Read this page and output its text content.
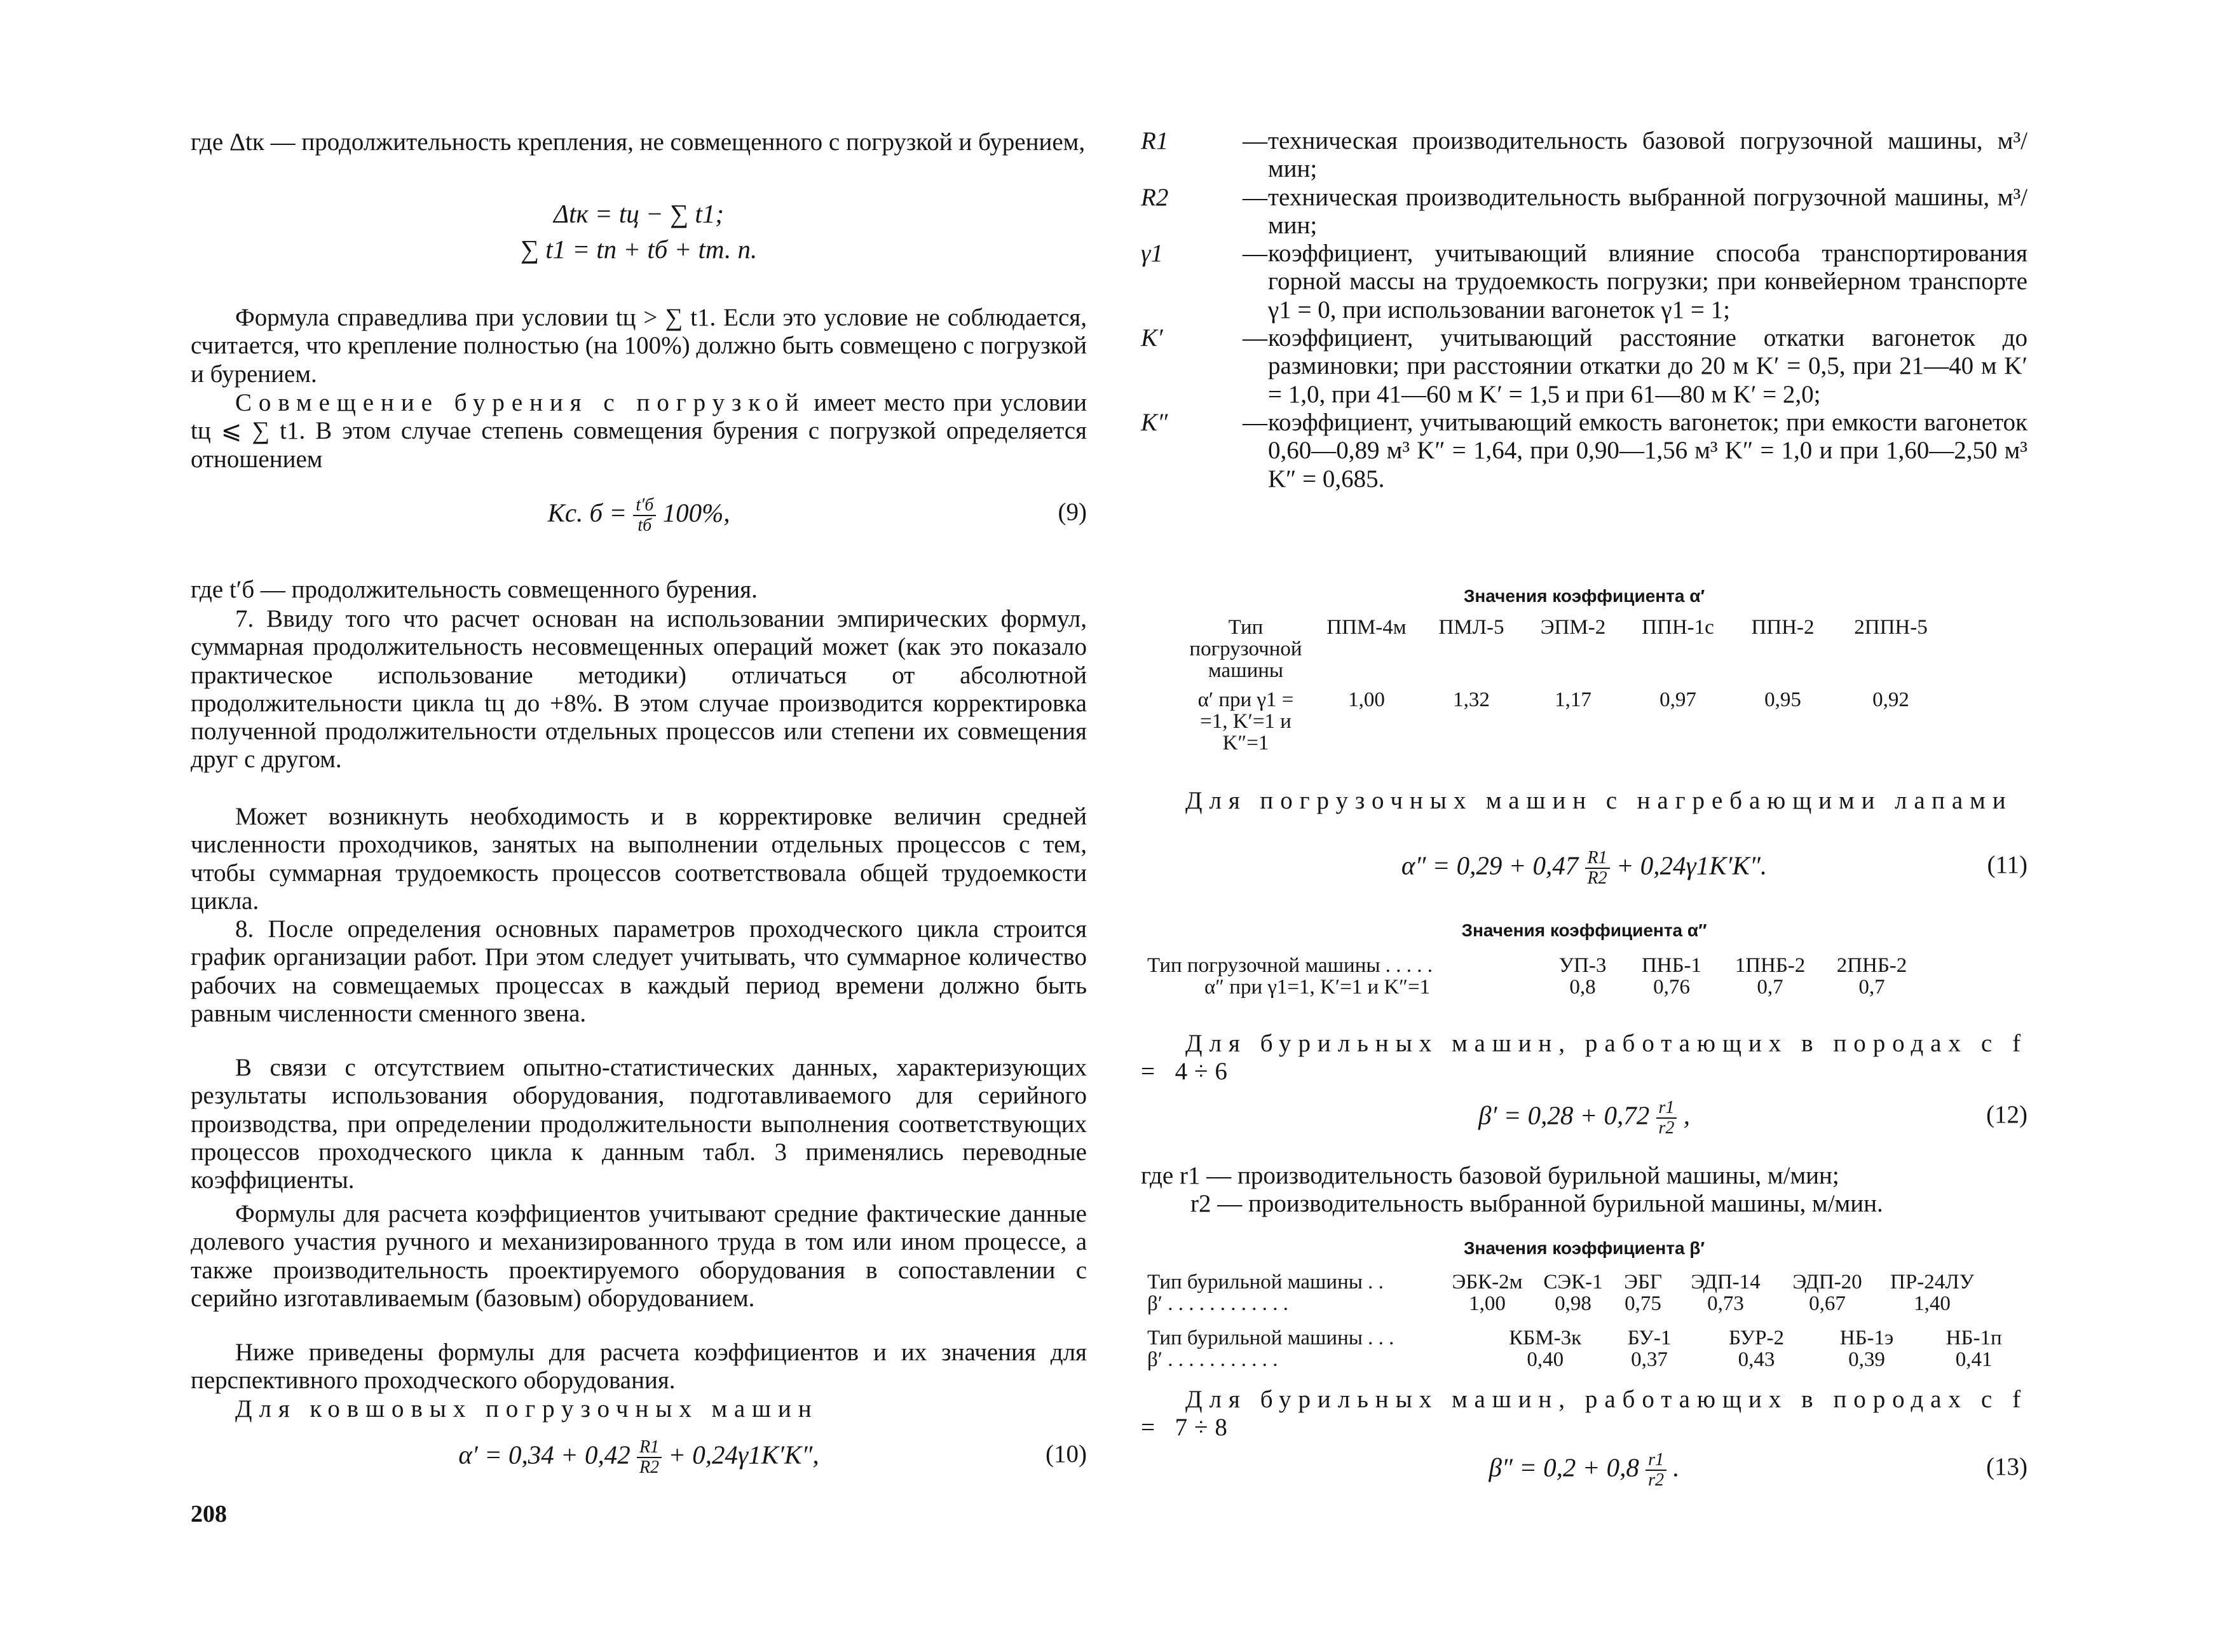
где Δtк — продолжительность крепления, не совмещенного с погрузкой и бурением,

Δtк = tц − ∑ t1;

∑ t1 = tп + tб + tт. п.

Формула справедлива при условии tц > ∑ t1. Если это условие не соблюдается, считается, что крепление полностью (на 100%) должно быть совмещено с погрузкой и бурением.

Совмещение бурения с погрузкой имеет место при условии tц ⩽ ∑ t1. В этом случае степень совмещения бурения с погрузкой определяется отношением

Kс. $б = \frac{t'б}{tб} 100\%$,	(9)

где t′б — продолжительность совмещенного бурения.

7. Ввиду того что расчет основан на использовании эмпирических формул, суммарная продолжительность несовмещенных операций может (как это показало практическое использование методики) отличаться от абсолютной продолжительности цикла tц до +8%. В этом случае производится корректировка полученной продолжительности отдельных процессов или степени их совмещения друг с другом.

Может возникнуть необходимость и в корректировке величин средней численности проходчиков, занятых на выполнении отдельных процессов с тем, чтобы суммарная трудоемкость процессов соответствовала общей трудоемкости цикла.

8. После определения основных параметров проходческого цикла строится график организации работ. При этом следует учитывать, что суммарное количество рабочих на совмещаемых процессах в каждый период времени должно быть равным численности сменного звена.

В связи с отсутствием опытно-статистических данных, характеризующих результаты использования оборудования, подготавливаемого для серийного производства, при определении продолжительности выполнения соответствующих процессов проходческого цикла к данным табл. 3 применялись переводные коэффициенты.

Формулы для расчета коэффициентов учитывают средние фактические данные долевого участия ручного и механизированного труда в том или ином процессе, а также производительность проектируемого оборудования в сопоставлении с серийно изготавливаемым (базовым) оборудованием.

Ниже приведены формулы для расчета коэффициентов и их значения для перспективного проходческого оборудования.

Для ковшовых погрузочных машин

$\alpha' = 0,34 + 0,42 \frac{R1}{R2} + 0,24\gamma 1K'K''$,	(10)
208

R1	— техническая производительность базовой погрузочной машины, м³/мин;

R2	— техническая производительность выбранной погрузочной машины, м³/мин;

γ1	— коэффициент, учитывающий влияние способа транспортирования горной массы на трудоемкость погрузки; при конвейерном транспорте γ1 = 0, при использовании вагонеток γ1 = 1;

K′	— коэффициент, учитывающий расстояние откатки вагонеток до разминовки; при расстоянии откатки до 20 м K′ = 0,5, при 21—40 м K′ = 1,0, при 41—60 м K′ = 1,5 и при 61—80 м K′ = 2,0;

K″	— коэффициент, учитывающий емкость вагонеток; при емкости вагонеток 0,60—0,89 м³ K″ = 1,64, при 0,90—1,56 м³ K″ = 1,0 и при 1,60—2,50 м³ K″ = 0,685.

Значения коэффициента α′

Тип погрузочной машины	ППМ-4м	ПМЛ-5	ЭПМ-2	ППН-1с	ППН-2	2ППН-5
α′ при γ1 = =1, K′=1 и K″=1	1,00	1,32	1,17	0,97	0,95	0,92

Для погрузочных машин с нагребающими лапами

$\alpha'' = 0,29 + 0,47 \frac{R1}{R2} + 0,24\gamma 1K'K''$.	(11)

Значения коэффициента α″

Тип погрузочной машины . . . . .	УП-3	ПНБ-1	1ПНБ-2	2ПНБ-2
α″ при γ1=1, K′=1 и K″=1	0,8	0,76	0,7	0,7

Для бурильных машин, работающих в породах с f = 4÷6

$\beta' = 0,28 + 0,72 \frac{r1}{r2}$ ,	(12)

где r1 — производительность базовой бурильной машины, м/мин;

r2 — производительность выбранной бурильной машины, м/мин.

Значения коэффициента β′

Тип бурильной машины . .	ЭБК-2м	СЭК-1	ЭБГ	ЭДП-14	ЭДП-20	ПР-24ЛУ
β′ . . . . . . . . . . . .	1,00	0,98	0,75	0,73	0,67	1,40
Тип бурильной машины . . .	КБМ-3к	БУ-1	БУР-2	НБ-1э	НБ-1п
β′ . . . . . . . . . . .	0,40	0,37	0,43	0,39	0,41

Для бурильных машин, работающих в породах с f = 7÷8

$\beta'' = 0,2 + 0,8 \frac{r1}{r2}$ .	(13)
